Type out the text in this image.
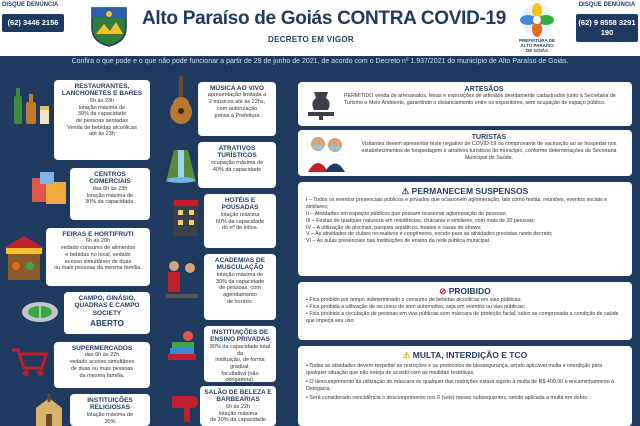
DISQUE DENÚNCIA
(62) 3446 2156	Alto Paraíso de Goiás CONTRA COVID-19
DECRETO EM VIGOR	PREFEITURA DE
ALTO PARAÍSO
DE GOIÁS
DISQUE DENÚNCIA
(62) 9 8558 3291
190
Confira o que pode e o que não pode funcionar a partir de 29 de junho de 2021, de acordo com o Decreto nº 1.937/2021 do município de Alto Paraíso de Goiás.
RESTAURANTES, LANCHONETES E BARES
6h às 23h
lotação máxima de
30% da capacidade
de pessoas sentadas
Venda de bebidas alcoólicas
até às 23h
MÚSICA AO VIVO
apresentação limitada a
2 músicos até às 22hs,
com autorização
prévia à Prefeitura
ATRATIVOS TURÍSTICOS
ocupação máxima de
40% da capacidade
CENTROS COMERCIAIS
das 6h às 23h
lotação máxima de
30% da capacidade.	HOTÉIS E POUSADAS
lotação máxima
60% da capacidade
do nº de leitos.
FEIRAS E HORTIFRUTI
6h às 20h
vedado consumo de alimentos
e bebidas no local, vedado
acesso simultâneo de duas
ou mais pessoas da mesma família.
ACADEMIAS DE MUSCULAÇÃO
lotação máxima de
30% da capacidade
de pessoas, com
agendamento
de horário.
CAMPO, GINÁSIO, QUADRAS E CAMPO SOCIETY
ABERTO
INSTITUIÇÕES DE ENSINO PRIVADAS
30% da capacidade total da
instituição, de forma gradual,
facultativa (não
obrigatória).
SUPERMERCADOS
das 6h às 22h
vedado acesso simultâneo
de duas ou mais pessoas
da mesma família.
SALÃO DE BELEZA E BARBEARIAS
6h às 22h
lotação máxima
de 30% da capacidade
INSTITUIÇÕES RELIGIOSAS
lotação máxima de
30%
ARTESÃOS
PERMITIDO venda de artesanatos, feiras e exposições de artesãos devidamente cadastrados junto à Secretaria de Turismo e Meio Ambiente, garantindo o distanciamento entre os expositores, sem ocupação de espaço público.
TURISTAS
Visitantes devem apresentar teste negativo de COVID-19 ou comprovante de vacinação ao se hospedar nos
estabelecimentos de hospedagem e atrativos turísticos do município, conforme determinações da Secretaria Municipal de Saúde.
⚠ PERMANECEM SUSPENSOS
I – Todos os eventos presenciais públicos e privados que ocasionem aglomeração, tais como festas, reuniões, eventos sociais e similares;
II – Atividades em espaços públicos que possam ocasionar aglomeração de pessoas;
III – Festas de qualquer natureza em residências, chácaras e similares, com mais de 20 pessoas;
IV – A utilização de piscinas, parques aquáticos, boates e casas de shows;
V – As atividades de clubes recreativos e congêneres, exceto para as atividades previstas neste decreto;
VI – As aulas presenciais nas instituições de ensino da rede pública municipal.
⊘ PROIBIDO
• Fica proibido por tempo indeterminado o consumo de bebidas alcoólicas em vias públicas;
• Fica proibida a utilização de recursos de som automotivo, seja em eventos ou vias públicas;
• Fica proibida a circulação de pessoas em vias públicas sem máscara de proteção facial, salvo se comprovada a condição de saúde que impeça seu uso.
⚠ MULTA, INTERDIÇÃO E TCO
• Todas as atividades devem respeitar as restrições e os protocolos de biossegurança, sendo aplicável multa e interdição para qualquer situação que não esteja de acordo com as medidas restritivas.
• O descumprimento da utilização de máscara ou qualquer das restrições estará sujeito à multa de R$ 400,00 e encaminhamento à Delegacia.
• Será considerado reincidência o descumprimento nos 6 (seis) meses subsequentes, sendo aplicada a multa em dobro.
